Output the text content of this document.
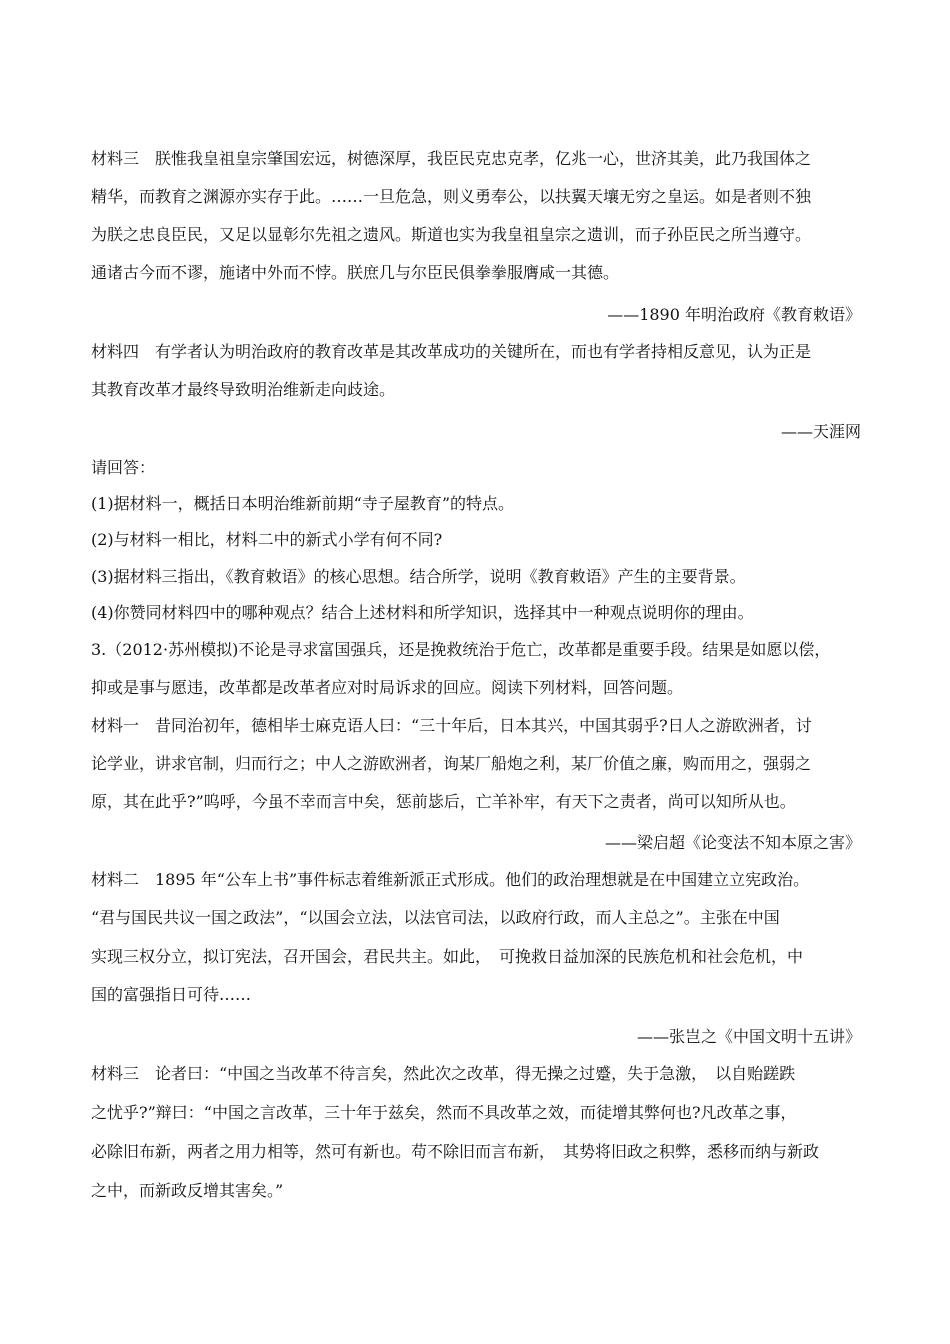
材料三　朕惟我皇祖皇宗肇国宏远，树德深厚，我臣民克忠克孝，亿兆一心，世济其美，此乃我国体之
精华，而教育之渊源亦实存于此。……一旦危急，则义勇奉公，以扶翼天壤无穷之皇运。如是者则不独
为朕之忠良臣民，又足以显彰尔先祖之遗风。斯道也实为我皇祖皇宗之遗训，而子孙臣民之所当遵守。
通诸古今而不谬，施诸中外而不悖。朕庶几与尔臣民俱拳拳服膺咸一其德。
——1890 年明治政府《教育敕语》
材料四　有学者认为明治政府的教育改革是其改革成功的关键所在，而也有学者持相反意见，认为正是
其教育改革才最终导致明治维新走向歧途。
——天涯网
请回答：
(1)据材料一，概括日本明治维新前期“寺子屋教育”的特点。
(2)与材料一相比，材料二中的新式小学有何不同?
(3)据材料三指出，《教育敕语》的核心思想。结合所学，说明《教育敕语》产生的主要背景。
(4)你赞同材料四中的哪种观点？结合上述材料和所学知识，选择其中一种观点说明你的理由。
3.（2012·苏州模拟)不论是寻求富国强兵，还是挽救统治于危亡，改革都是重要手段。结果是如愿以偿，
抑或是事与愿违，改革都是改革者应对时局诉求的回应。阅读下列材料，回答问题。
材料一　昔同治初年，德相毕士麻克语人曰：“三十年后，日本其兴，中国其弱乎?日人之游欧洲者，讨
论学业，讲求官制，归而行之；中人之游欧洲者，询某厂船炮之利，某厂价值之廉，购而用之，强弱之
原，其在此乎?”呜呼，今虽不幸而言中矣，惩前毖后，亡羊补牢，有天下之责者，尚可以知所从也。
——梁启超《论变法不知本原之害》
材料二　1895 年“公车上书”事件标志着维新派正式形成。他们的政治理想就是在中国建立立宪政治。
“君与国民共议一国之政法”，“以国会立法，以法官司法，以政府行政，而人主总之”。主张在中国
实现三权分立，拟订宪法，召开国会，君民共主。如此，　可挽救日益加深的民族危机和社会危机，中
国的富强指日可待……
——张岂之《中国文明十五讲》
材料三　论者曰：“中国之当改革不待言矣，然此次之改革，得无操之过蹙，失于急激，　以自贻蹉跌
之忧乎?”辩曰：“中国之言改革，三十年于兹矣，然而不具改革之效，而徒增其弊何也?凡改革之事，
必除旧布新，两者之用力相等，然可有新也。苟不除旧而言布新，　其势将旧政之积弊，悉移而纳与新政
之中，而新政反增其害矣。”
